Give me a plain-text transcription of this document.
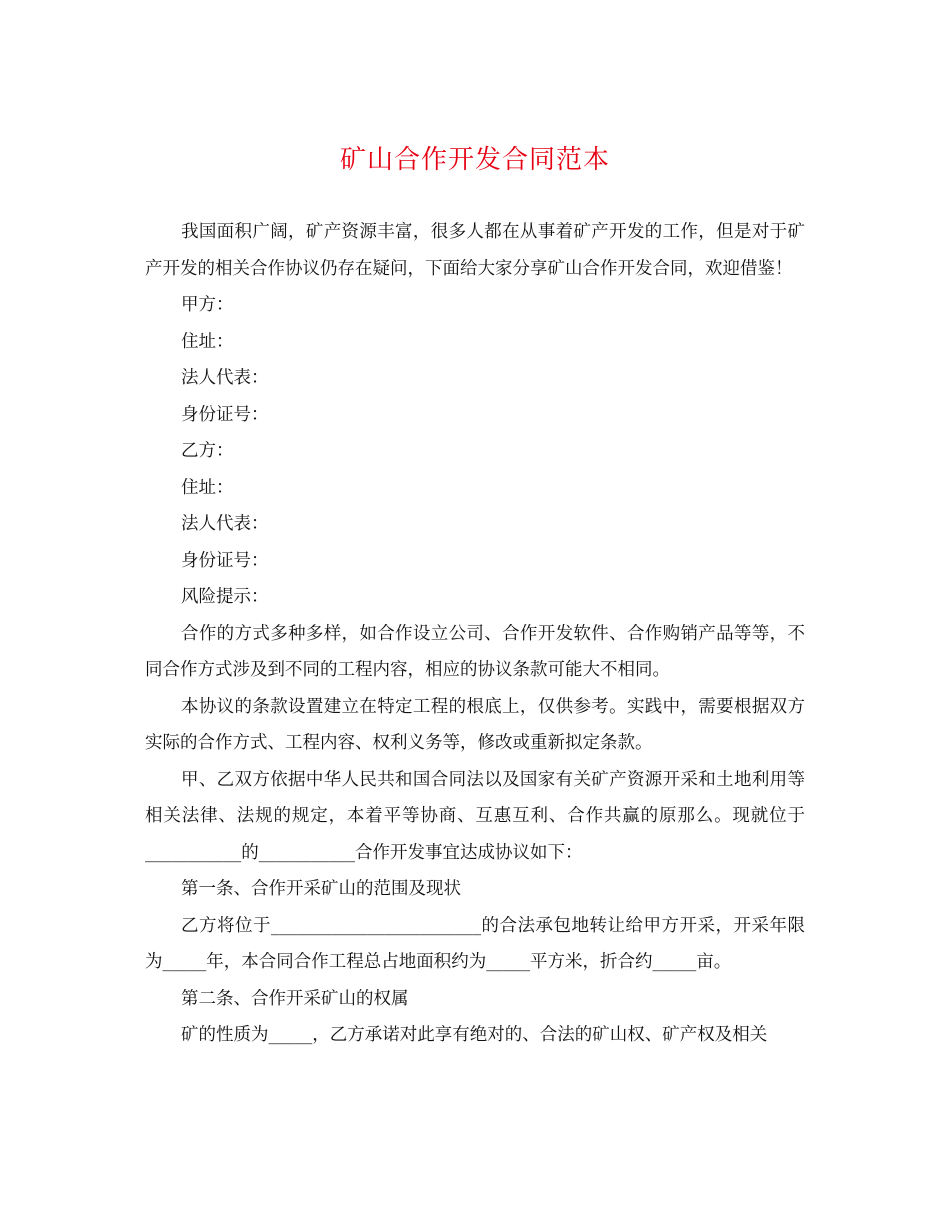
矿山合作开发合同范本

我国面积广阔，矿产资源丰富，很多人都在从事着矿产开发的工作，但是对于矿产开发的相关合作协议仍存在疑问，下面给大家分享矿山合作开发合同，欢迎借鉴！

甲方：

住址：

法人代表：

身份证号：

乙方：

住址：

法人代表：

身份证号：

风险提示：

合作的方式多种多样，如合作设立公司、合作开发软件、合作购销产品等等，不同合作方式涉及到不同的工程内容，相应的协议条款可能大不相同。

本协议的条款设置建立在特定工程的根底上，仅供参考。实践中，需要根据双方实际的合作方式、工程内容、权利义务等，修改或重新拟定条款。

甲、乙双方依据中华人民共和国合同法以及国家有关矿产资源开采和土地利用等相关法律、法规的规定，本着平等协商、互惠互利、合作共赢的原那么。现就位于___________的___________合作开发事宜达成协议如下：

第一条、合作开采矿山的范围及现状

乙方将位于________________________的合法承包地转让给甲方开采，开采年限为_____年，本合同合作工程总占地面积约为_____平方米，折合约_____亩。

第二条、合作开采矿山的权属

矿的性质为_____，乙方承诺对此享有绝对的、合法的矿山权、矿产权及相关
